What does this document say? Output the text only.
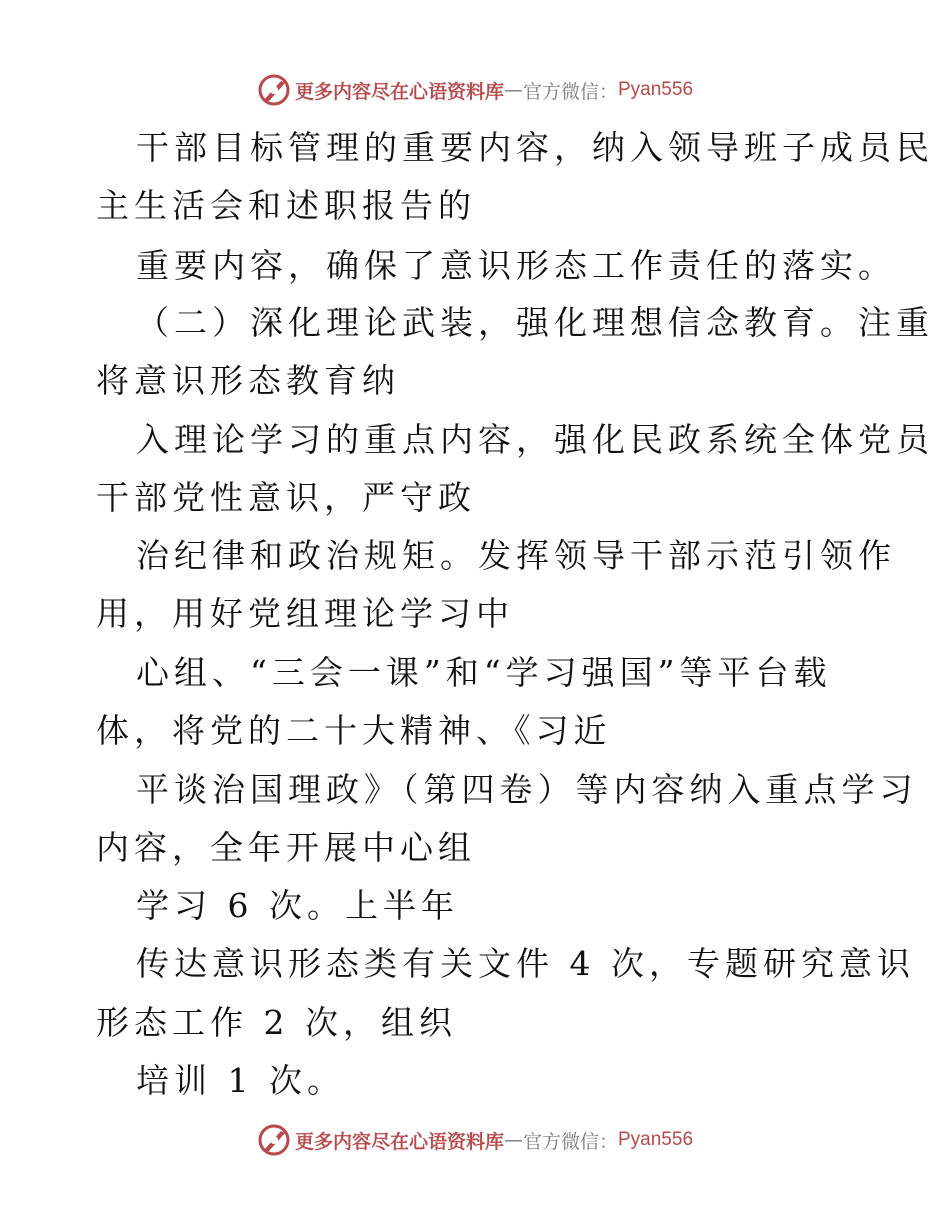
更多内容尽在心语资料库 — 官方微信： Pyan556
干部目标管理的重要内容，纳入领导班子成员民
主生活会和述职报告的
重要内容，确保了意识形态工作责任的落实。
（二）深化理论武装，强化理想信念教育。注重
将意识形态教育纳
入理论学习的重点内容，强化民政系统全体党员
干部党性意识，严守政
治纪律和政治规矩。发挥领导干部示范引领作
用，用好党组理论学习中
心组、“三会一课”和“学习强国”等平台载
体，将党的二十大精神、《习近
平谈治国理政》（第四卷）等内容纳入重点学习
内容，全年开展中心组
学习 6 次。上半年
传达意识形态类有关文件 4 次，专题研究意识
形态工作 2 次，组织
培训 1 次。
更多内容尽在心语资料库 — 官方微信： Pyan556
